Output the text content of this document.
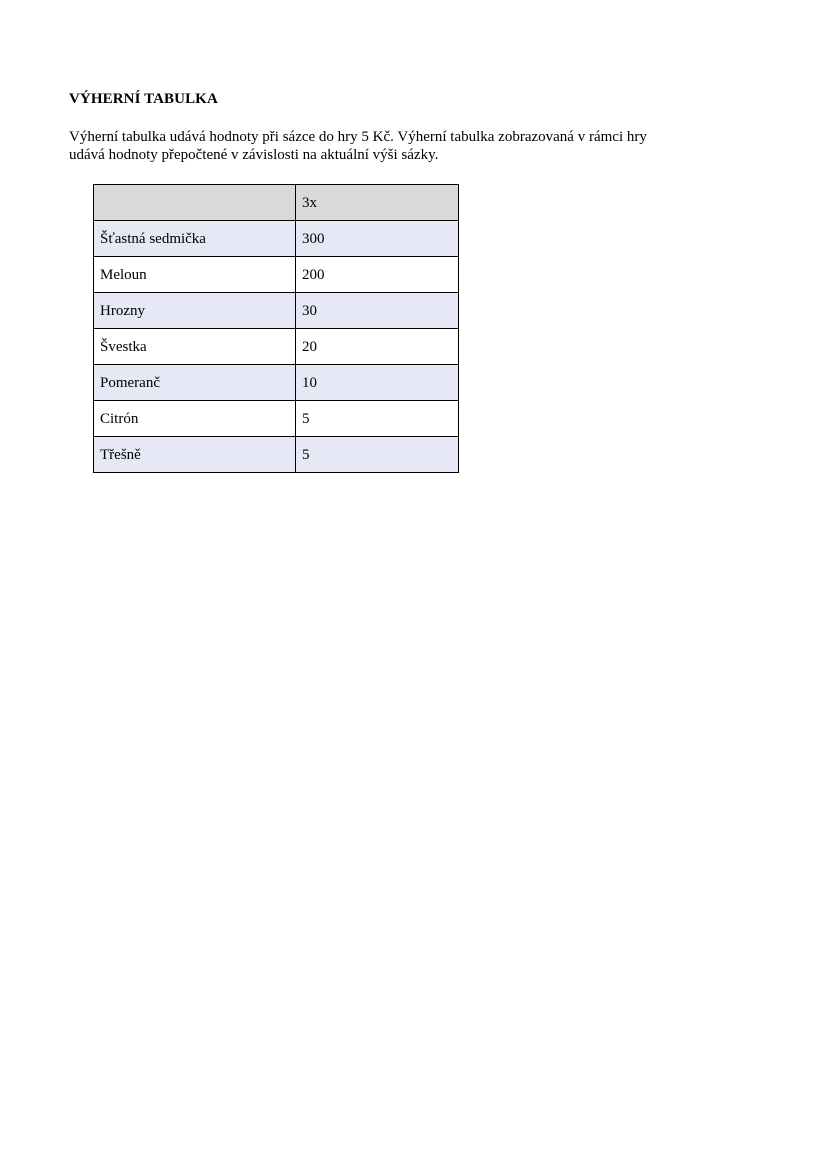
VÝHERNÍ TABULKA

Výherní tabulka udává hodnoty při sázce do hry 5 Kč. Výherní tabulka zobrazovaná v rámci hry
udává hodnoty přepočtené v závislosti na aktuální výši sázky.

	3x
Šťastná sedmička	300
Meloun	200
Hrozny	30
Švestka	20
Pomeranč	10
Citrón	5
Třešně	5
